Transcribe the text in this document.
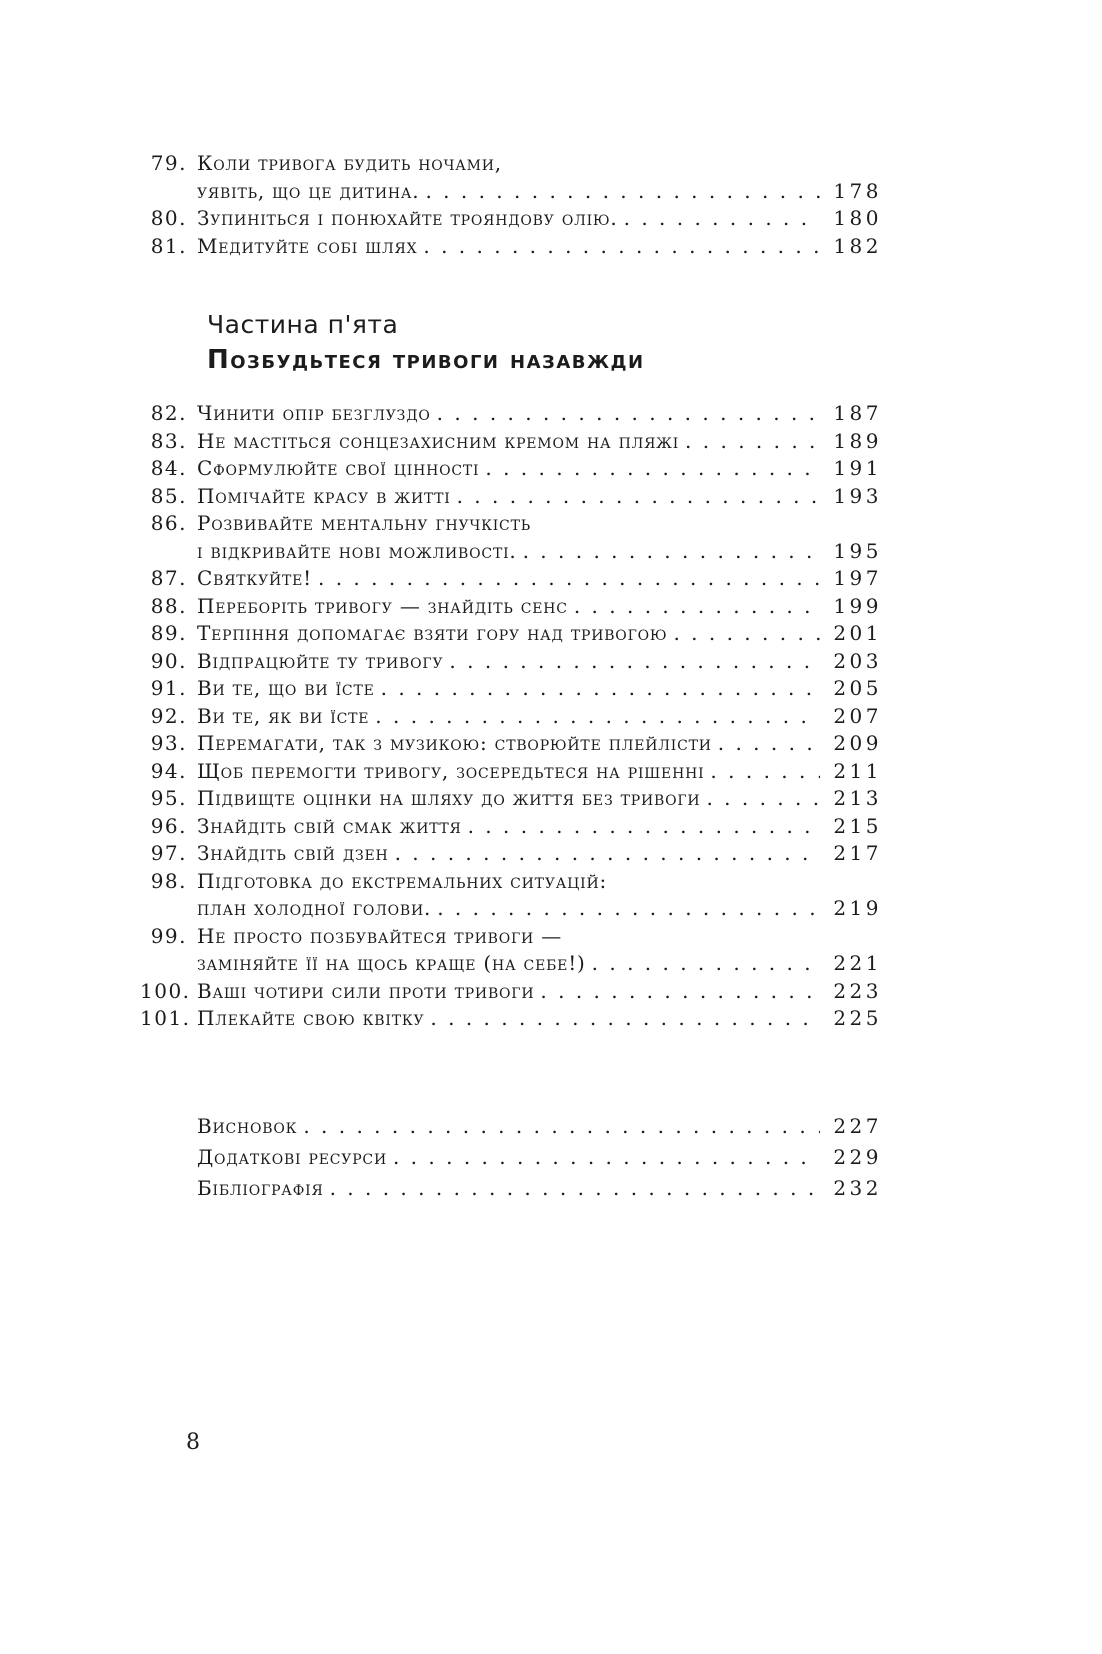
79. Коли тривога будить ночами,
уявіть, що це дитина. . . .	178
80. Зупиніться і понюхайте трояндову олію. . . .	180
81. Медитуйте собі шлях . . .	182
Частина п'ята
Позбудьтеся тривоги назавжди
82. Чинити опір безглуздо . . .	187
83. Не мастіться сонцезахисним кремом на пляжі . . .	189
84. Сформулюйте свої цінності . . .	191
85. Помічайте красу в житті . . .	193
86. Розвивайте ментальну гнучкість
і відкривайте нові можливості. . . .	195
87. Святкуйте! . . .	197
88. Переборіть тривогу — знайдіть сенс . . .	199
89. Терпіння допомагає взяти гору над тривогою . . .	201
90. Відпрацюйте ту тривогу . . .	203
91. Ви те, що ви їсте . . .	205
92. Ви те, як ви їсте . . .	207
93. Перемагати, так з музикою: створюйте плейлісти . . .	209
94. Щоб перемогти тривогу, зосередьтеся на рішенні . . .	211
95. Підвищте оцінки на шляху до життя без тривоги . . .	213
96. Знайдіть свій смак життя . . .	215
97. Знайдіть свій дзен . . .	217
98. Підготовка до екстремальних ситуацій:
план холодної голови. . . .	219
99. Не просто позбувайтеся тривоги —
заміняйте її на щось краще (на себе!) . . .	221
100. Ваші чотири сили проти тривоги . . .	223
101. Плекайте свою квітку . . .	225
Висновок . . .	227
Додаткові ресурси . . .	229
Бібліографія . . .	232
8
